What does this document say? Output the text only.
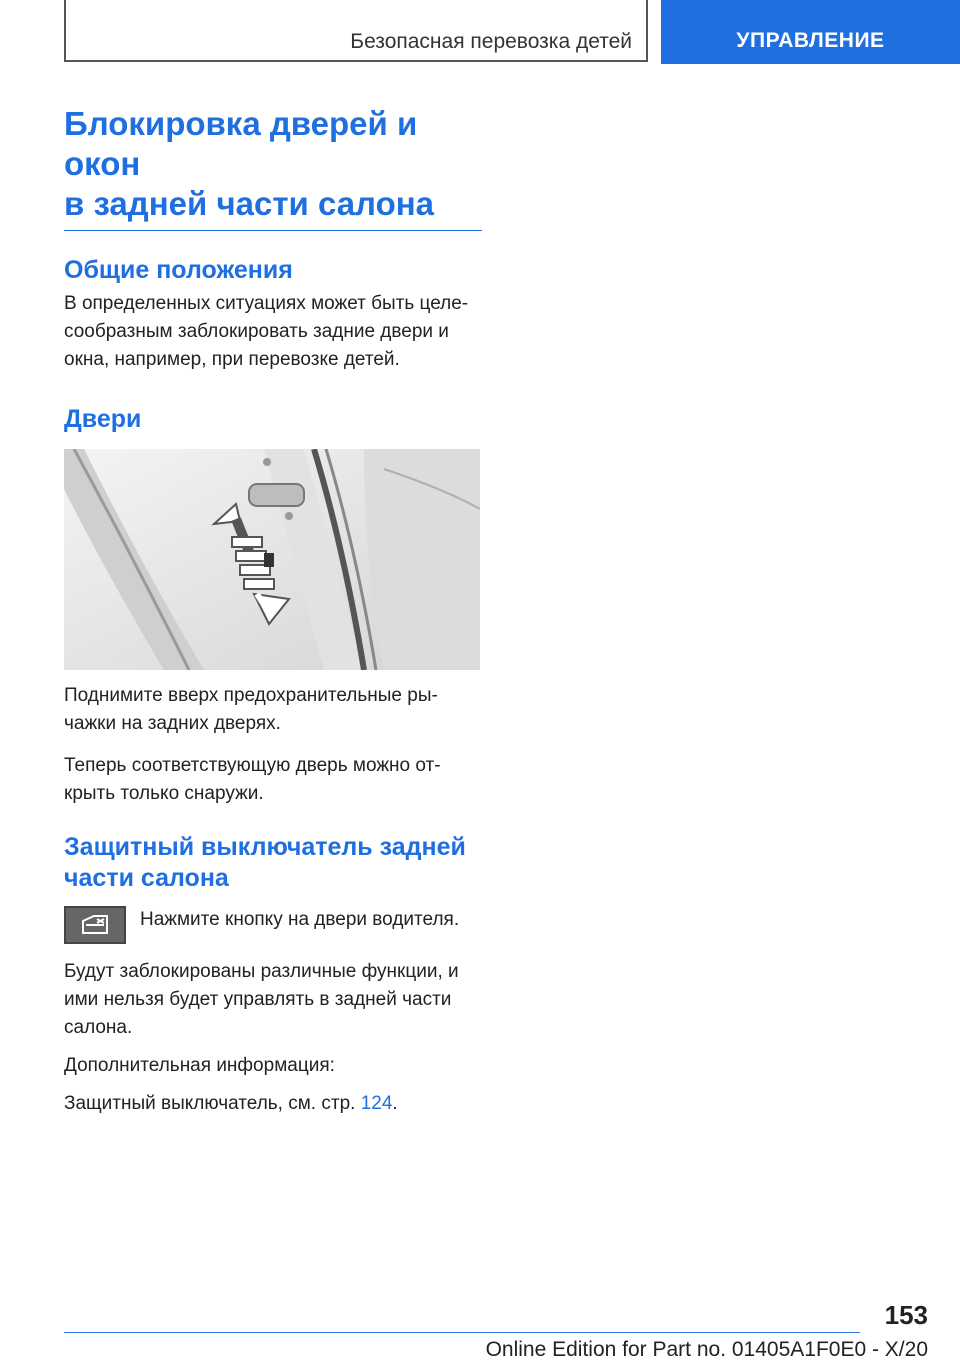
Безопасная перевозка детей	УПРАВЛЕНИЕ
Блокировка дверей и окон
в задней части салона
Общие положения

В определенных ситуациях может быть целе-
сообразным заблокировать задние двери и
окна, например, при перевозке детей.

Двери

Поднимите вверх предохранительные ры-
чажки на задних дверях.

Теперь соответствующую дверь можно от-
крыть только снаружи.

Защитный выключатель задней
части салона

Нажмите кнопку на двери водителя.

Будут заблокированы различные функции, и
ими нельзя будет управлять в задней части
салона.

Дополнительная информация:

Защитный выключатель, см. стр. 124.

153
Online Edition for Part no. 01405A1F0E0 - X/20
